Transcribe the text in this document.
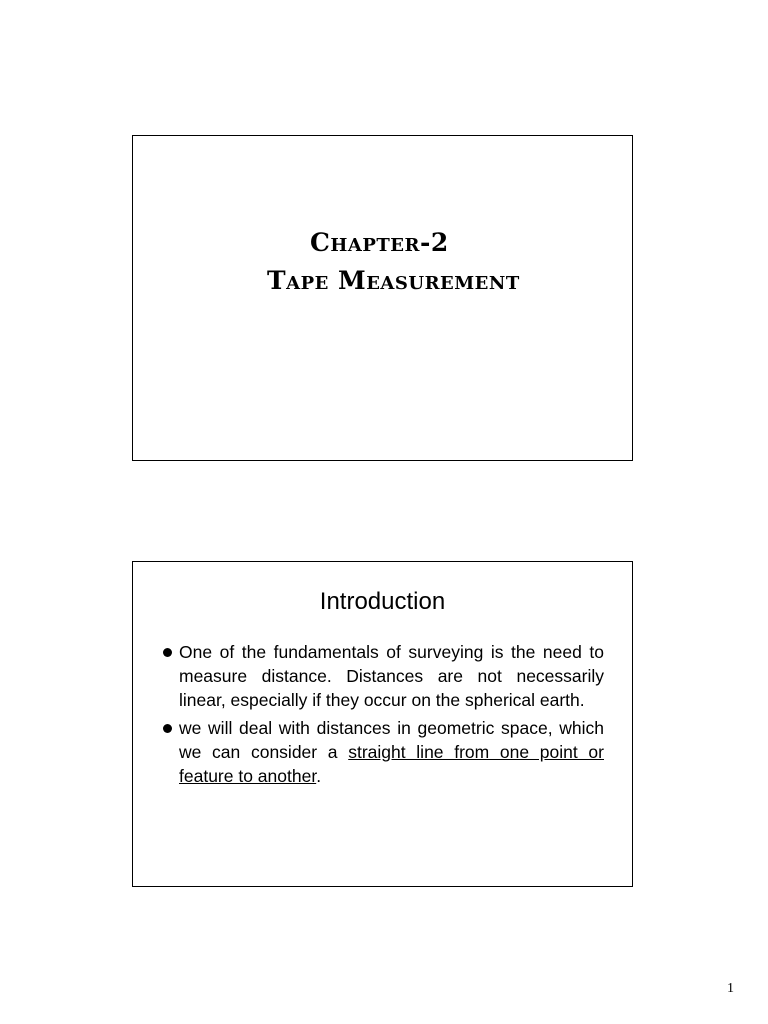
Chapter-2
Tape Measurement
Introduction
One of the fundamentals of surveying is the need to measure distance. Distances are not necessarily linear, especially if they occur on the spherical earth.
we will deal with distances in geometric space, which we can consider a straight line from one point or feature to another.
1
